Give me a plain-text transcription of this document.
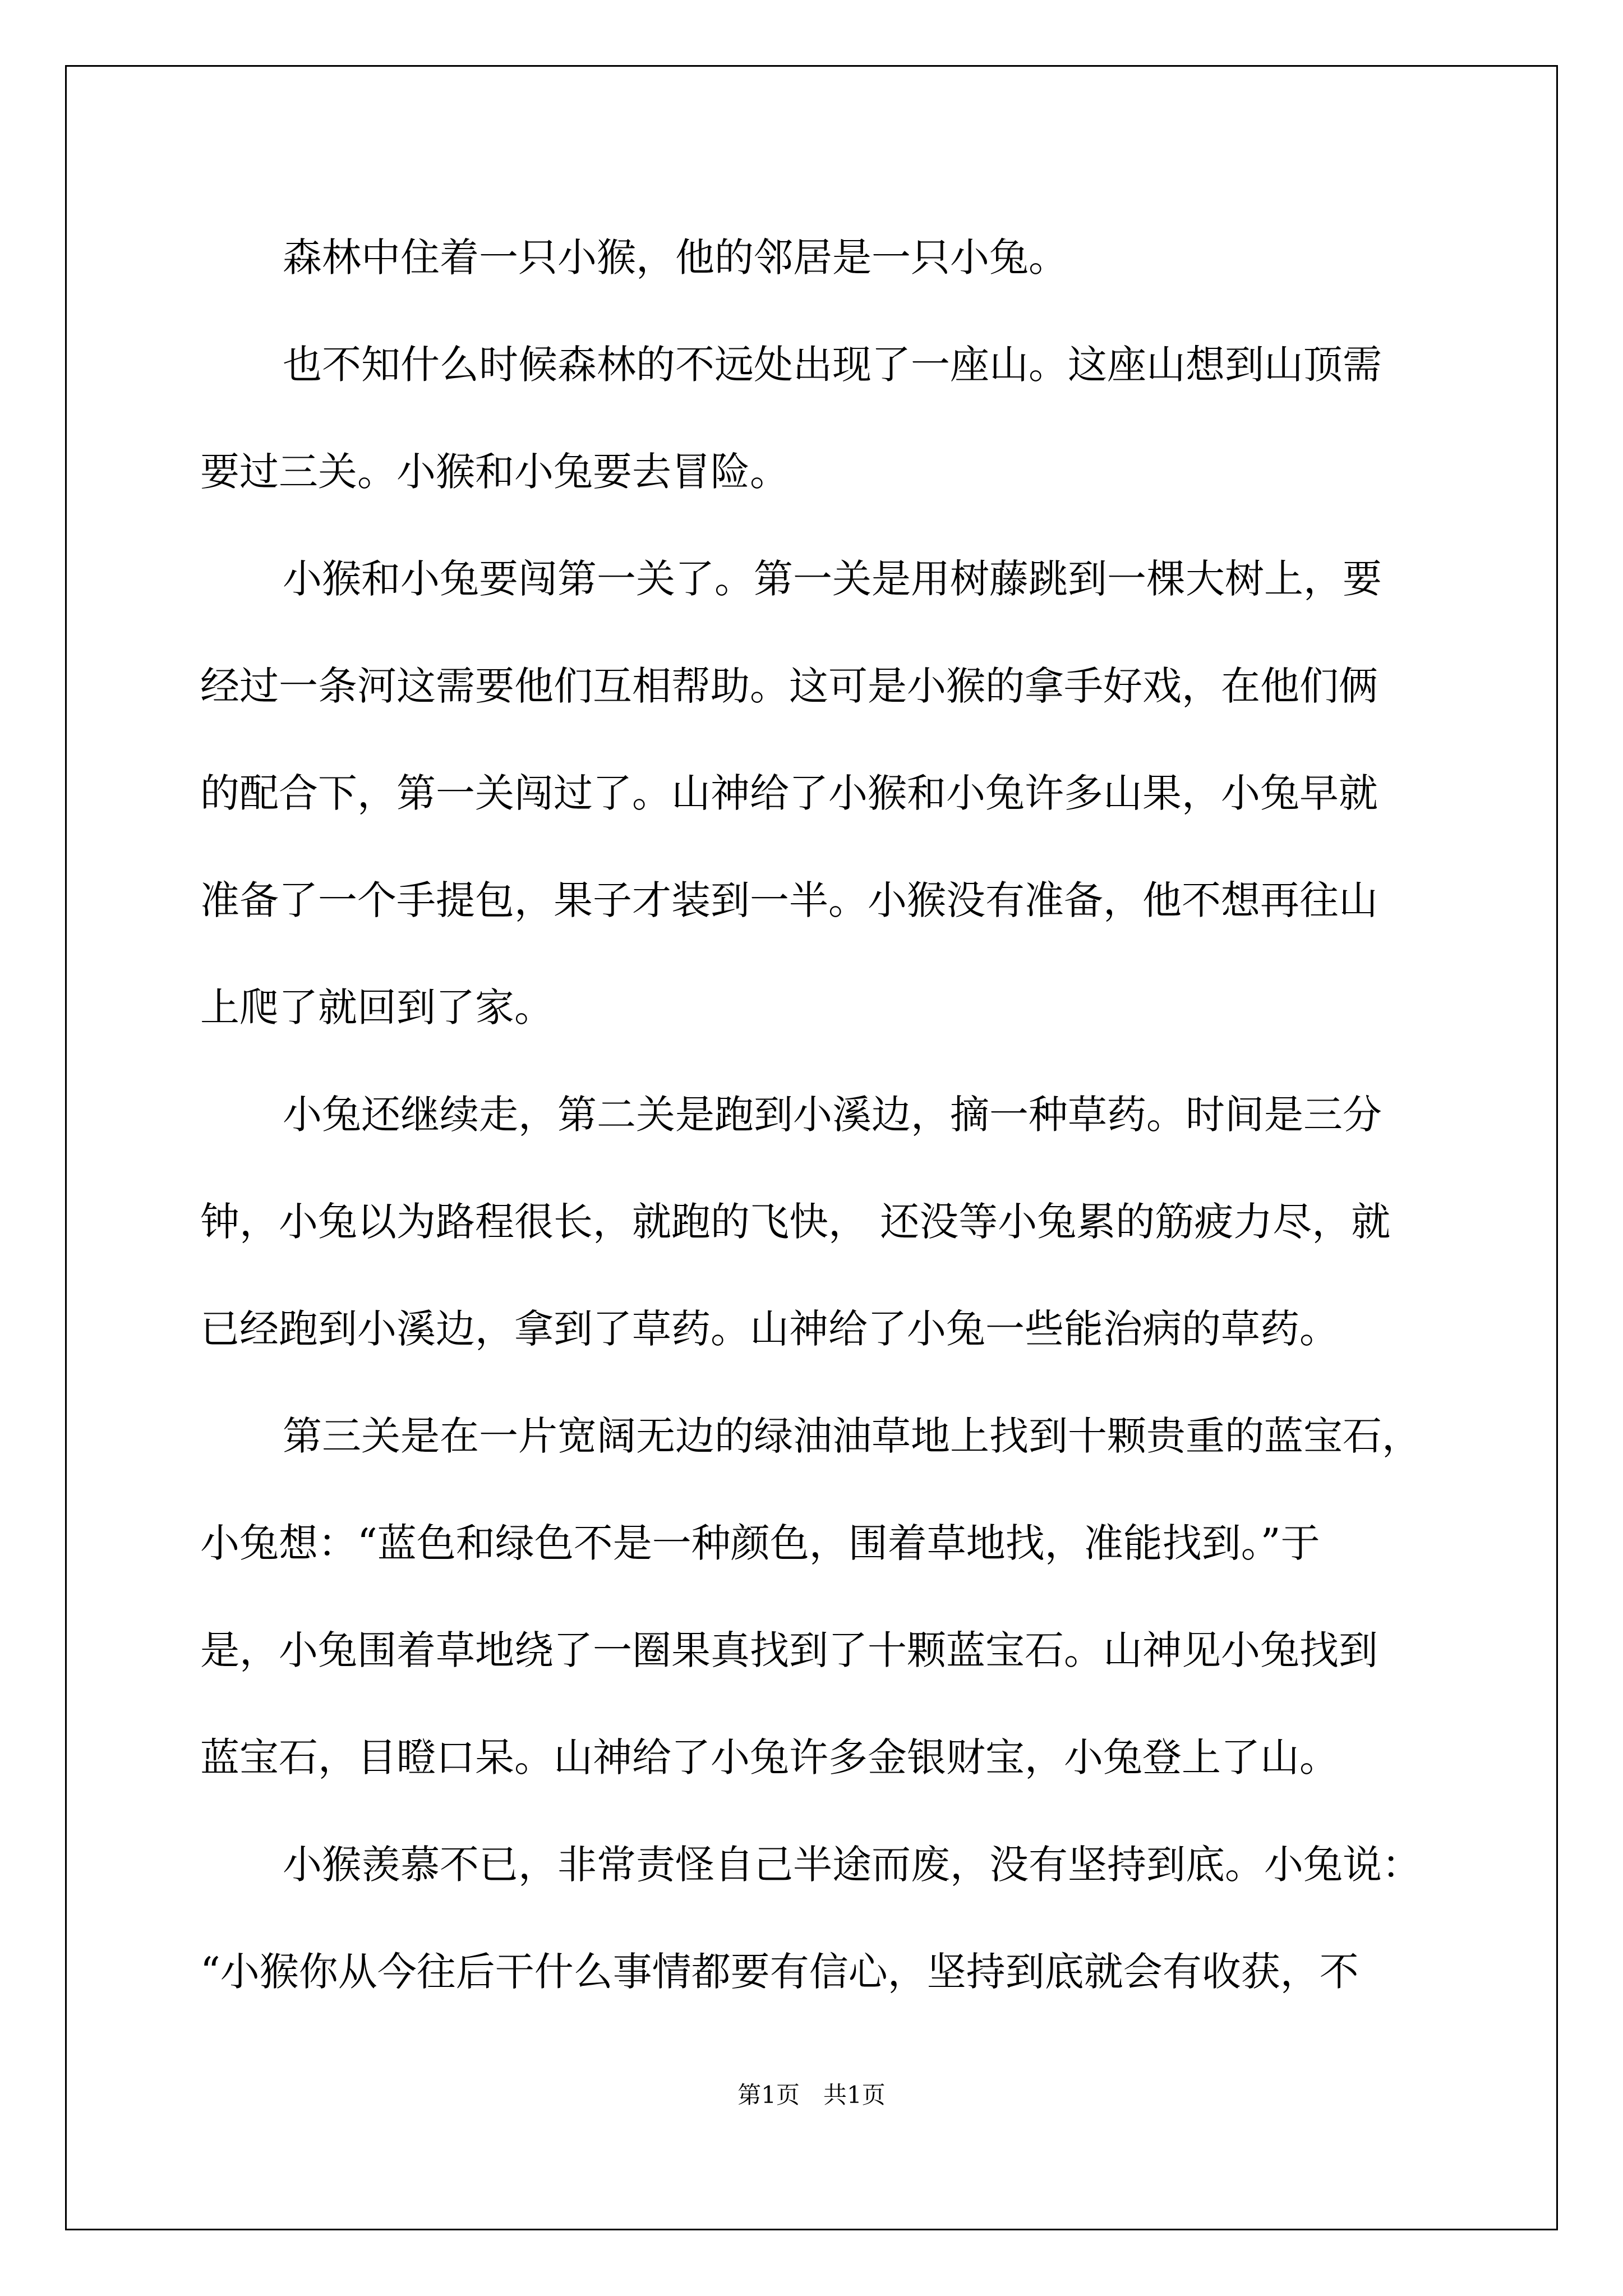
森林中住着一只小猴，他的邻居是一只小兔。
也不知什么时候森林的不远处出现了一座山。这座山想到山顶需
要过三关。小猴和小兔要去冒险。
小猴和小兔要闯第一关了。第一关是用树藤跳到一棵大树上，要
经过一条河这需要他们互相帮助。这可是小猴的拿手好戏，在他们俩
的配合下，第一关闯过了。山神给了小猴和小兔许多山果，小兔早就
准备了一个手提包，果子才装到一半。小猴没有准备，他不想再往山
上爬了就回到了家。
小兔还继续走，第二关是跑到小溪边，摘一种草药。时间是三分
钟，小兔以为路程很长，就跑的飞快， 还没等小兔累的筋疲力尽，就
已经跑到小溪边，拿到了草药。山神给了小兔一些能治病的草药。
第三关是在一片宽阔无边的绿油油草地上找到十颗贵重的蓝宝石，
小兔想：“蓝色和绿色不是一种颜色，围着草地找，准能找到。”于
是，小兔围着草地绕了一圈果真找到了十颗蓝宝石。山神见小兔找到
蓝宝石，目瞪口呆。山神给了小兔许多金银财宝，小兔登上了山。
小猴羡慕不已，非常责怪自己半途而废，没有坚持到底。小兔说：
“小猴你从今往后干什么事情都要有信心，坚持到底就会有收获，不
第1页　共1页
